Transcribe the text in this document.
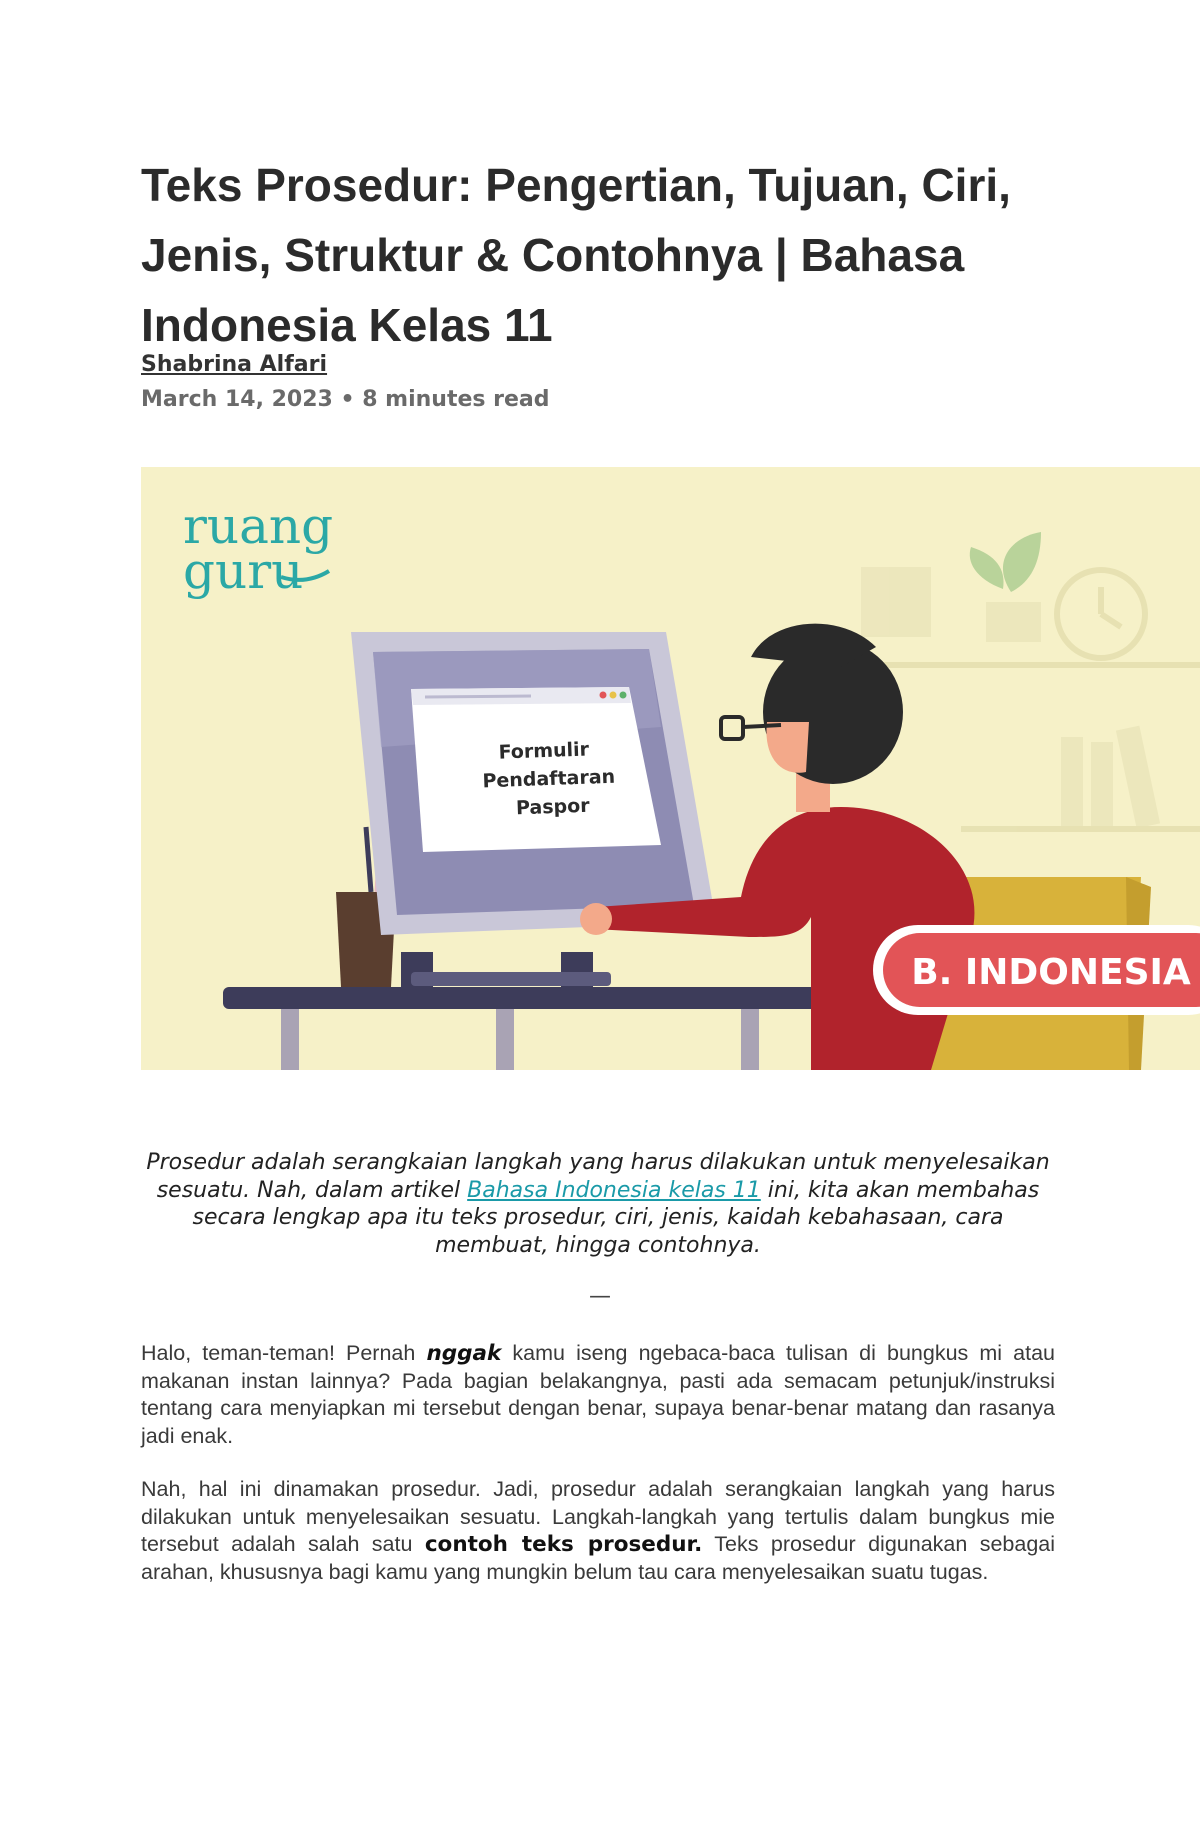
Teks Prosedur: Pengertian, Tujuan, Ciri, Jenis, Struktur & Contohnya | Bahasa Indonesia Kelas 11

Shabrina Alfari

March 14, 2023 • 8 minutes read

ruang
guru
Formulir
Pendaftaran
Paspor
B. INDONESIA

Prosedur adalah serangkaian langkah yang harus dilakukan untuk menyelesaikan sesuatu. Nah, dalam artikel Bahasa Indonesia kelas 11 ini, kita akan membahas secara lengkap apa itu teks prosedur, ciri, jenis, kaidah kebahasaan, cara membuat, hingga contohnya.

—

Halo, teman-teman! Pernah nggak kamu iseng ngebaca-baca tulisan di bungkus mi atau makanan instan lainnya? Pada bagian belakangnya, pasti ada semacam petunjuk/instruksi tentang cara menyiapkan mi tersebut dengan benar, supaya benar-benar matang dan rasanya jadi enak.

Nah, hal ini dinamakan prosedur. Jadi, prosedur adalah serangkaian langkah yang harus dilakukan untuk menyelesaikan sesuatu. Langkah-langkah yang tertulis dalam bungkus mie tersebut adalah salah satu contoh teks prosedur. Teks prosedur digunakan sebagai arahan, khususnya bagi kamu yang mungkin belum tau cara menyelesaikan suatu tugas.
